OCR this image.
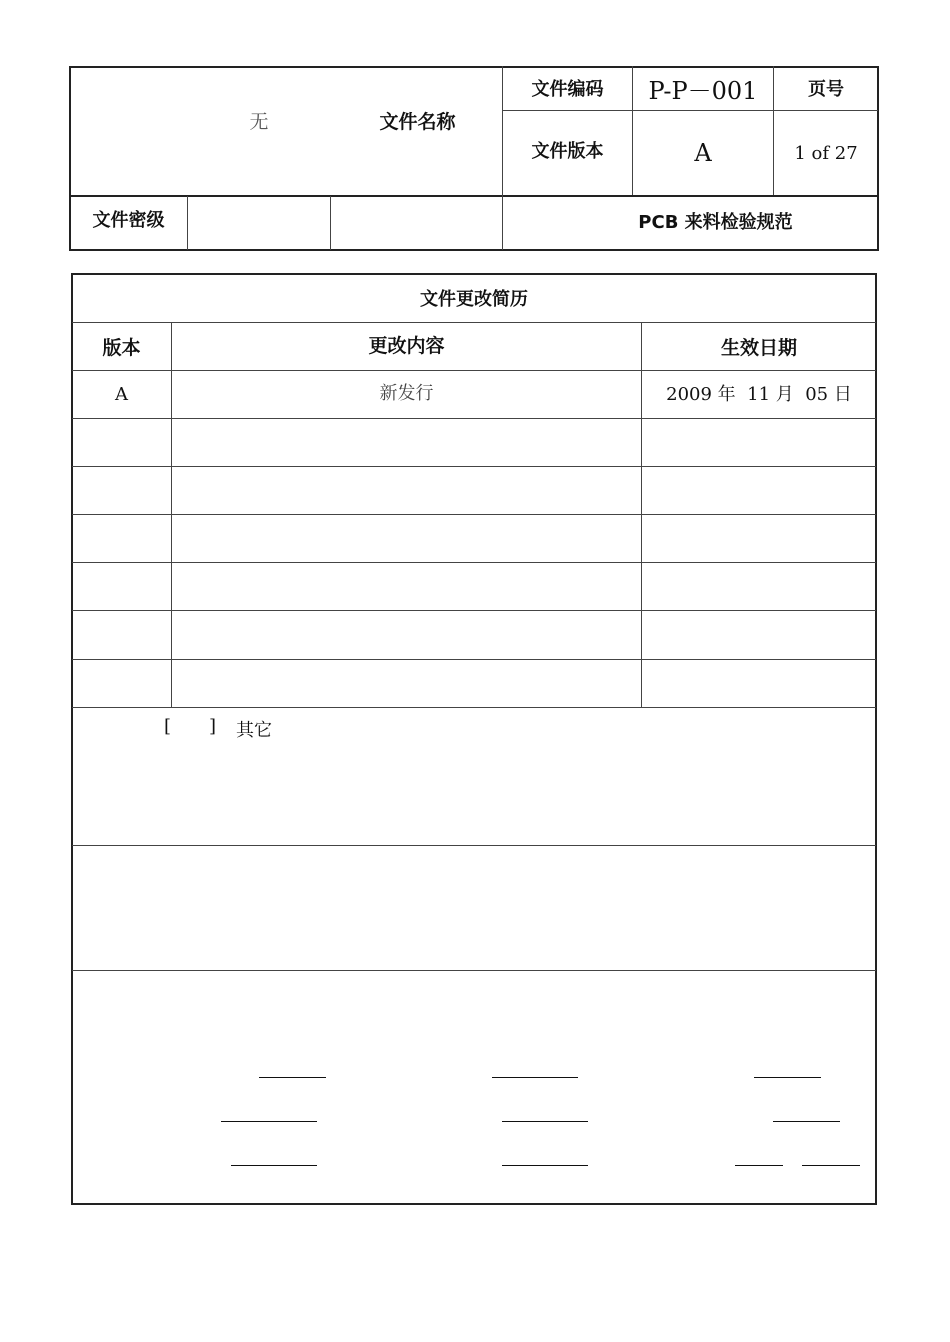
无	文件名称
文件编码	P-P－001	页号
文件版本	A	1 of 27
文件密级	PCB 来料检验规范
文件更改简历
版本	更改内容	生效日期
A	新发行	2009 年  11 月  05 日
[ ] 其它
